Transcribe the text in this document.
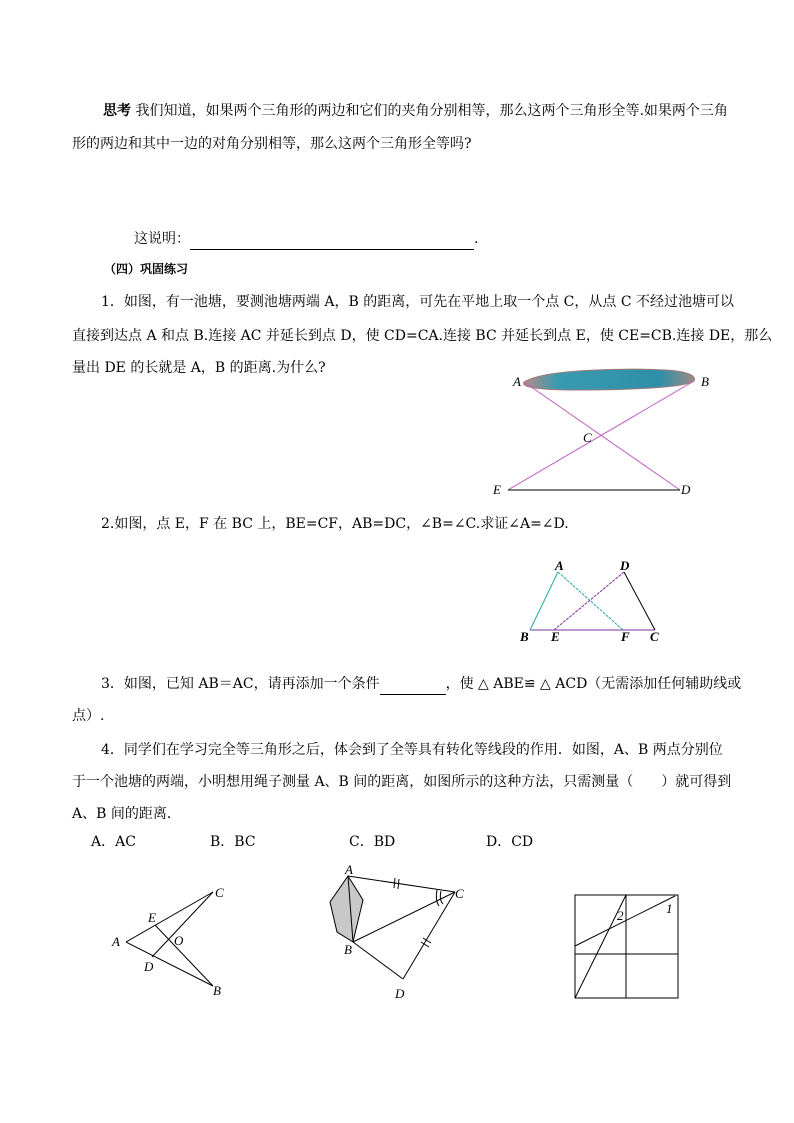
思考 我们知道，如果两个三角形的两边和它们的夹角分别相等，那么这两个三角形全等.如果两个三角
形的两边和其中一边的对角分别相等，那么这两个三角形全等吗?
这说明：	.
（四）巩固练习
1．如图，有一池塘，要测池塘两端 A，B 的距离，可先在平地上取一个点 C，从点 C 不经过池塘可以
直接到达点 A 和点 B.连接 AC 并延长到点 D，使 CD=CA.连接 BC 并延长到点 E，使 CE=CB.连接 DE，那么
量出 DE 的长就是 A，B 的距离.为什么?
A	B
C
E	D
2.如图，点 E，F 在 BC 上，BE=CF，AB=DC，∠B=∠C.求证∠A=∠D.
A	D
B E	F C
3．如图，已知 AB＝AC，请再添加一个条件	，使 △ ABE≌ △ ACD（无需添加任何辅助线或
点）.
4．同学们在学习完全等三角形之后，体会到了全等具有转化等线段的作用．如图，A、B 两点分别位
于一个池塘的两端，小明想用绳子测量 A、B 间的距离，如图所示的这种方法，只需测量（　　）就可得到
A、B 间的距离．
A．AC	B．BC	C．BD	D．CD
A
C
B
E
D
O
A
B
C
D
2	1
